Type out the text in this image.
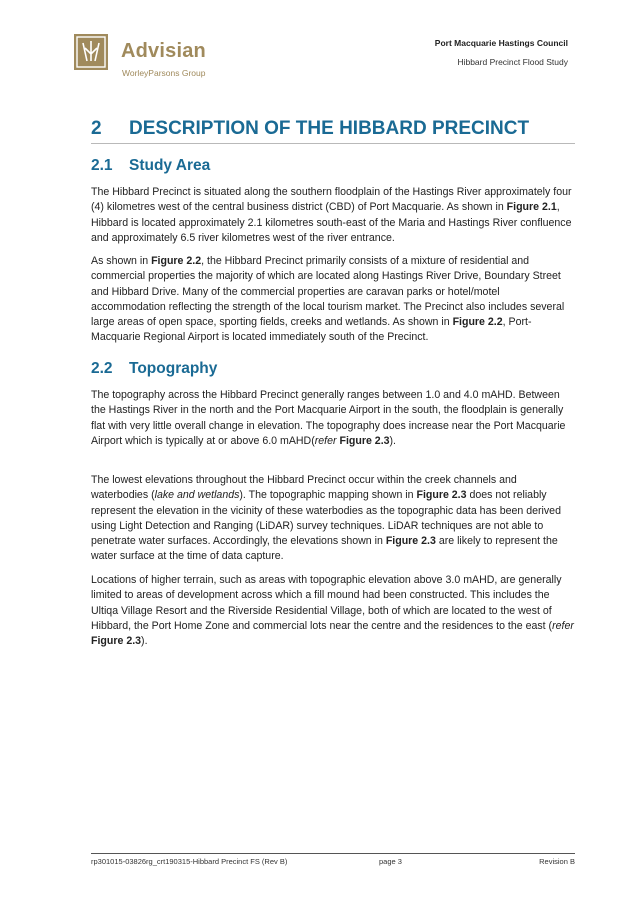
Advisian
WorleyParsons Group
Port Macquarie Hastings Council
Hibbard Precinct Flood Study
2 DESCRIPTION OF THE HIBBARD PRECINCT
2.1 Study Area

The Hibbard Precinct is situated along the southern floodplain of the Hastings River approximately four (4) kilometres west of the central business district (CBD) of Port Macquarie. As shown in Figure 2.1, Hibbard is located approximately 2.1 kilometres south-east of the Maria and Hastings River confluence and approximately 6.5 river kilometres west of the river entrance.

As shown in Figure 2.2, the Hibbard Precinct primarily consists of a mixture of residential and commercial properties the majority of which are located along Hastings River Drive, Boundary Street and Hibbard Drive. Many of the commercial properties are caravan parks or hotel/motel accommodation reflecting the strength of the local tourism market. The Precinct also includes several large areas of open space, sporting fields, creeks and wetlands. As shown in Figure 2.2, Port-Macquarie Regional Airport is located immediately south of the Precinct.

2.2 Topography

The topography across the Hibbard Precinct generally ranges between 1.0 and 4.0 mAHD. Between the Hastings River in the north and the Port Macquarie Airport in the south, the floodplain is generally flat with very little overall change in elevation. The topography does increase near the Port Macquarie Airport which is typically at or above 6.0 mAHD(refer Figure 2.3).

The lowest elevations throughout the Hibbard Precinct occur within the creek channels and waterbodies (lake and wetlands). The topographic mapping shown in Figure 2.3 does not reliably represent the elevation in the vicinity of these waterbodies as the topographic data has been derived using Light Detection and Ranging (LiDAR) survey techniques. LiDAR techniques are not able to penetrate water surfaces. Accordingly, the elevations shown in Figure 2.3 are likely to represent the water surface at the time of data capture.

Locations of higher terrain, such as areas with topographic elevation above 3.0 mAHD, are generally limited to areas of development across which a fill mound had been constructed. This includes the Ultiqa Village Resort and the Riverside Residential Village, both of which are located to the west of Hibbard, the Port Home Zone and commercial lots near the centre and the residences to the east (refer Figure 2.3).

rp301015-03826rg_crt190315-Hibbard Precinct FS (Rev B)	page 3	Revision B
